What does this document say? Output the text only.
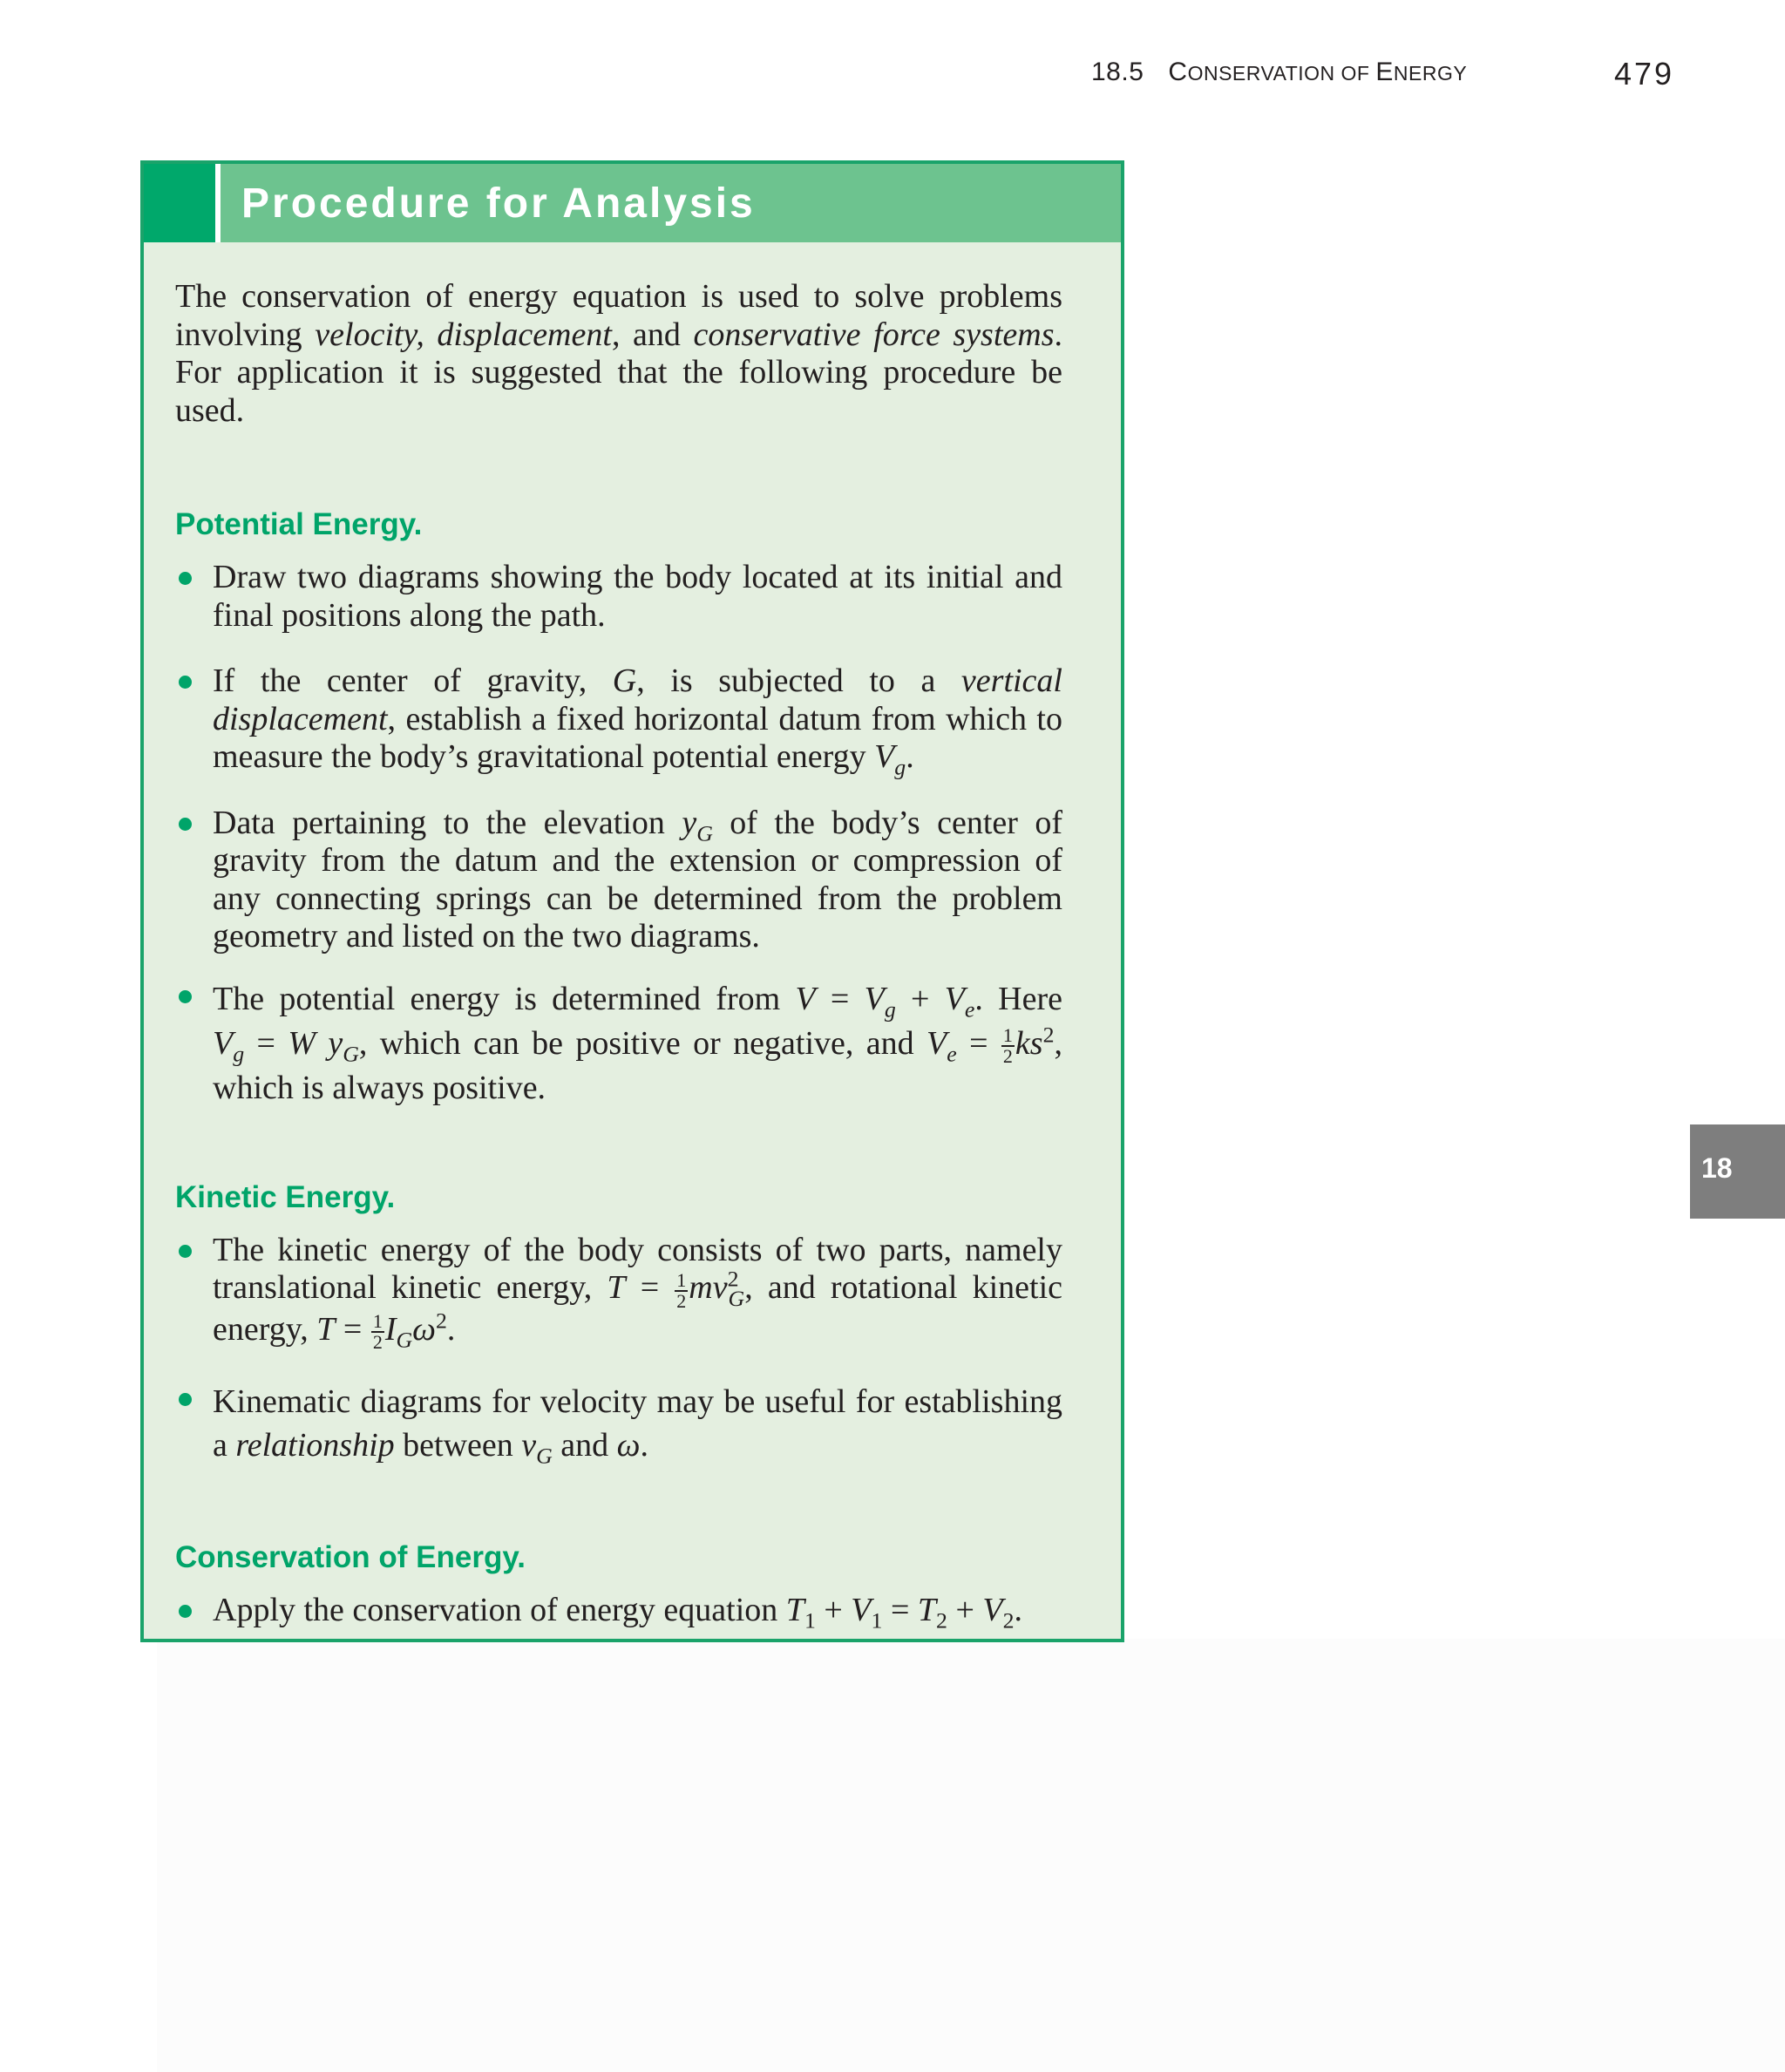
18.5 CONSERVATION OF ENERGY	479
18
Procedure for Analysis

The conservation of energy equation is used to solve problems involving velocity, displacement, and conservative force systems. For application it is suggested that the following procedure be used.

Potential Energy.
Draw two diagrams showing the body located at its initial and final positions along the path.
If the center of gravity, G, is subjected to a vertical displacement, establish a fixed horizontal datum from which to measure the body’s gravitational potential energy $V_g$.
Data pertaining to the elevation $y_G$ of the body’s center of gravity from the datum and the extension or compression of any connecting springs can be determined from the problem geometry and listed on the two diagrams.
The potential energy is determined from $V = V_g + V_e$. Here $V_g = W$ $y_G$, which can be positive or negative, and $V_e = \frac{1}{2} ks^2$, which is always positive.
Kinetic Energy.
The kinetic energy of the body consists of two parts, namely translational kinetic energy, $T = \frac{1}{2} mv^2_G$, and rotational kinetic energy, $T = \frac{1}{2} I_G\omega^2$.
Kinematic diagrams for velocity may be useful for establishing a relationship between $v_G$ and ω.
Conservation of Energy.
Apply the conservation of energy equation $T_1 + V_1 = T_2 + V_2$.
